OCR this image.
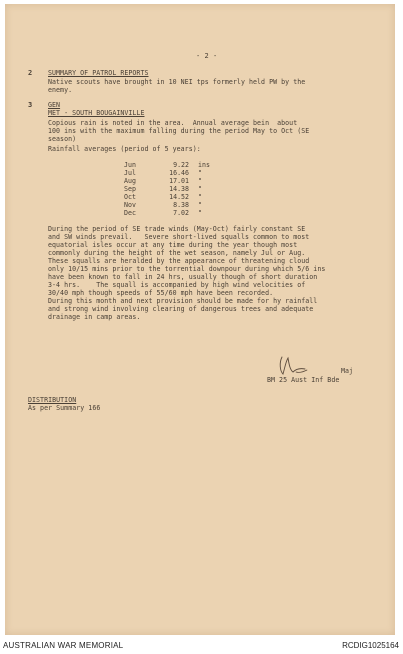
- 2 -
2 SUMMARY OF PATROL REPORTS
Native scouts have brought in 10 NEI tps formerly held PW by the
enemy.
3 GEN
MET - SOUTH BOUGAINVILLE
Copious rain is noted in the area.  Annual average bein  about
100 ins with the maximum falling during the period May to Oct (SE
season)
Rainfall averages (period of 5 years):
Jun	9.22 ins
Jul	16.46 "
Aug	17.01 "
Sep	14.38 "
Oct	14.52 "
Nov	8.38 "
Dec	7.02 "
During the period of SE trade winds (May-Oct) fairly constant SE
and SW winds prevail.   Severe short-lived squalls common to most
equatorial isles occur at any time during the year though most
commonly during the height of the wet season, namely Jul or Aug.
These squalls are heralded by the appearance of threatening cloud
only 10/15 mins prior to the torrential downpour during which 5/6 ins
have been known to fall in 24 hrs, usually though of short duration
3-4 hrs.    The squall is accompanied by high wind velocities of
30/40 mph though speeds of 55/60 mph have been recorded.
During this month and next provision should be made for hy rainfall
and strong wind involving clearing of dangerous trees and adequate
drainage in camp areas.
Maj
BM 25 Aust Inf Bde
DISTRIBUTION
As per Summary 166
AUSTRALIAN WAR MEMORIAL	RCDIG1025164
